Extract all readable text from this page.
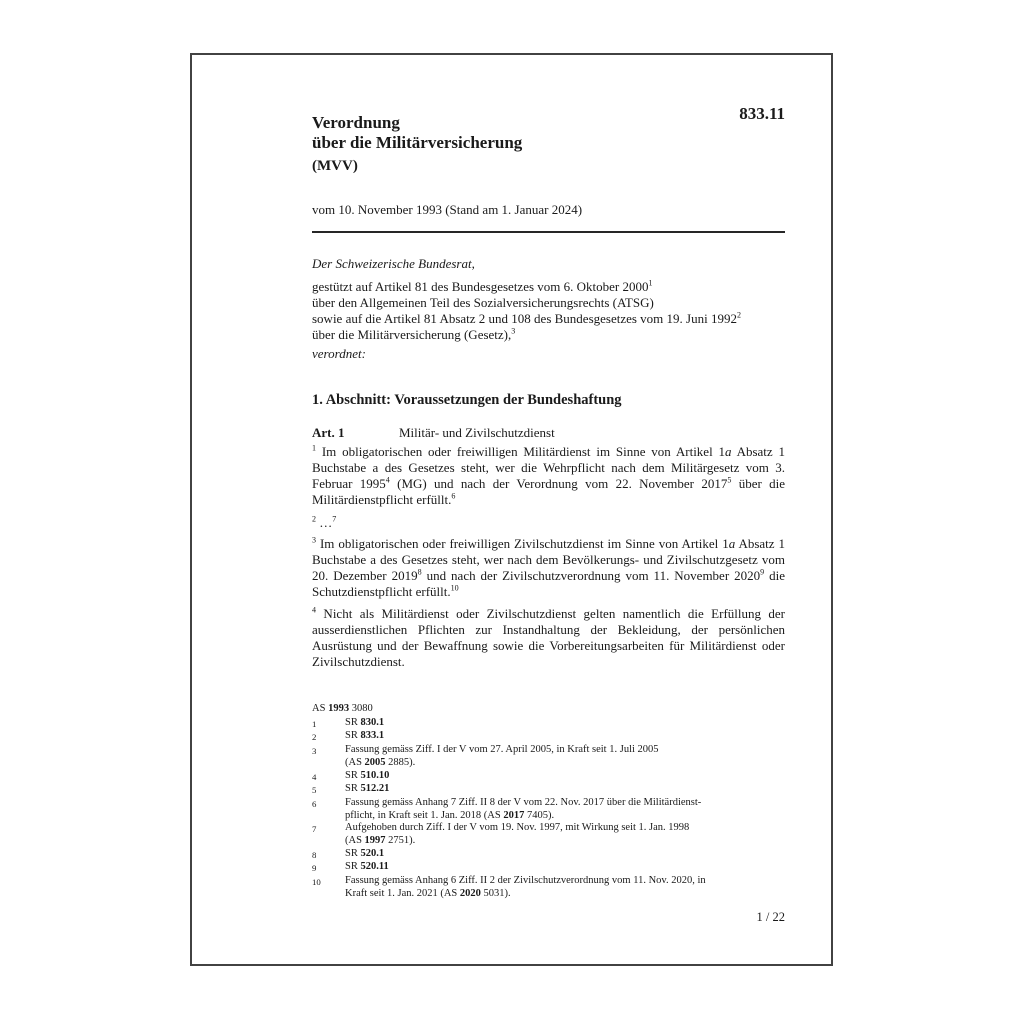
833.11
Verordnung
über die Militärversicherung
(MVV)
vom 10. November 1993 (Stand am 1. Januar 2024)
Der Schweizerische Bundesrat,
gestützt auf Artikel 81 des Bundesgesetzes vom 6. Oktober 2000$^1$
über den Allgemeinen Teil des Sozialversicherungsrechts (ATSG)
sowie auf die Artikel 81 Absatz 2 und 108 des Bundesgesetzes vom 19. Juni 1992$^2$
über die Militärversicherung (Gesetz),$^3$
verordnet:
1. Abschnitt: Voraussetzungen der Bundeshaftung
Art. 1	Militär- und Zivilschutzdienst
$^1$ Im obligatorischen oder freiwilligen Militärdienst im Sinne von Artikel 1a Absatz 1 Buchstabe a des Gesetzes steht, wer die Wehrpflicht nach dem Militärgesetz vom 3. Februar 1995$^4$ (MG) und nach der Verordnung vom 22. November 2017$^5$ über die Militärdienstpflicht erfüllt.$^6$
$^2$ …$^7$
$^3$ Im obligatorischen oder freiwilligen Zivilschutzdienst im Sinne von Artikel 1a Absatz 1 Buchstabe a des Gesetzes steht, wer nach dem Bevölkerungs- und Zivilschutzgesetz vom 20. Dezember 2019$^8$ und nach der Zivilschutzverordnung vom 11. November 2020$^9$ die Schutzdienstpflicht erfüllt.$^{10}$
$^4$ Nicht als Militärdienst oder Zivilschutzdienst gelten namentlich die Erfüllung der ausserdienstlichen Pflichten zur Instandhaltung der Bekleidung, der persönlichen Ausrüstung und der Bewaffnung sowie die Vorbereitungsarbeiten für Militärdienst oder Zivilschutzdienst.
AS 1993 3080
1	SR 830.1
2	SR 833.1
3	Fassung gemäss Ziff. I der V vom 27. April 2005, in Kraft seit 1. Juli 2005
(AS 2005 2885).
4	SR 510.10
5	SR 512.21
6	Fassung gemäss Anhang 7 Ziff. II 8 der V vom 22. Nov. 2017 über die Militärdienst-
pflicht, in Kraft seit 1. Jan. 2018 (AS 2017 7405).
7	Aufgehoben durch Ziff. I der V vom 19. Nov. 1997, mit Wirkung seit 1. Jan. 1998
(AS 1997 2751).
8	SR 520.1
9	SR 520.11
10	Fassung gemäss Anhang 6 Ziff. II 2 der Zivilschutzverordnung vom 11. Nov. 2020, in
Kraft seit 1. Jan. 2021 (AS 2020 5031).
1 / 22
